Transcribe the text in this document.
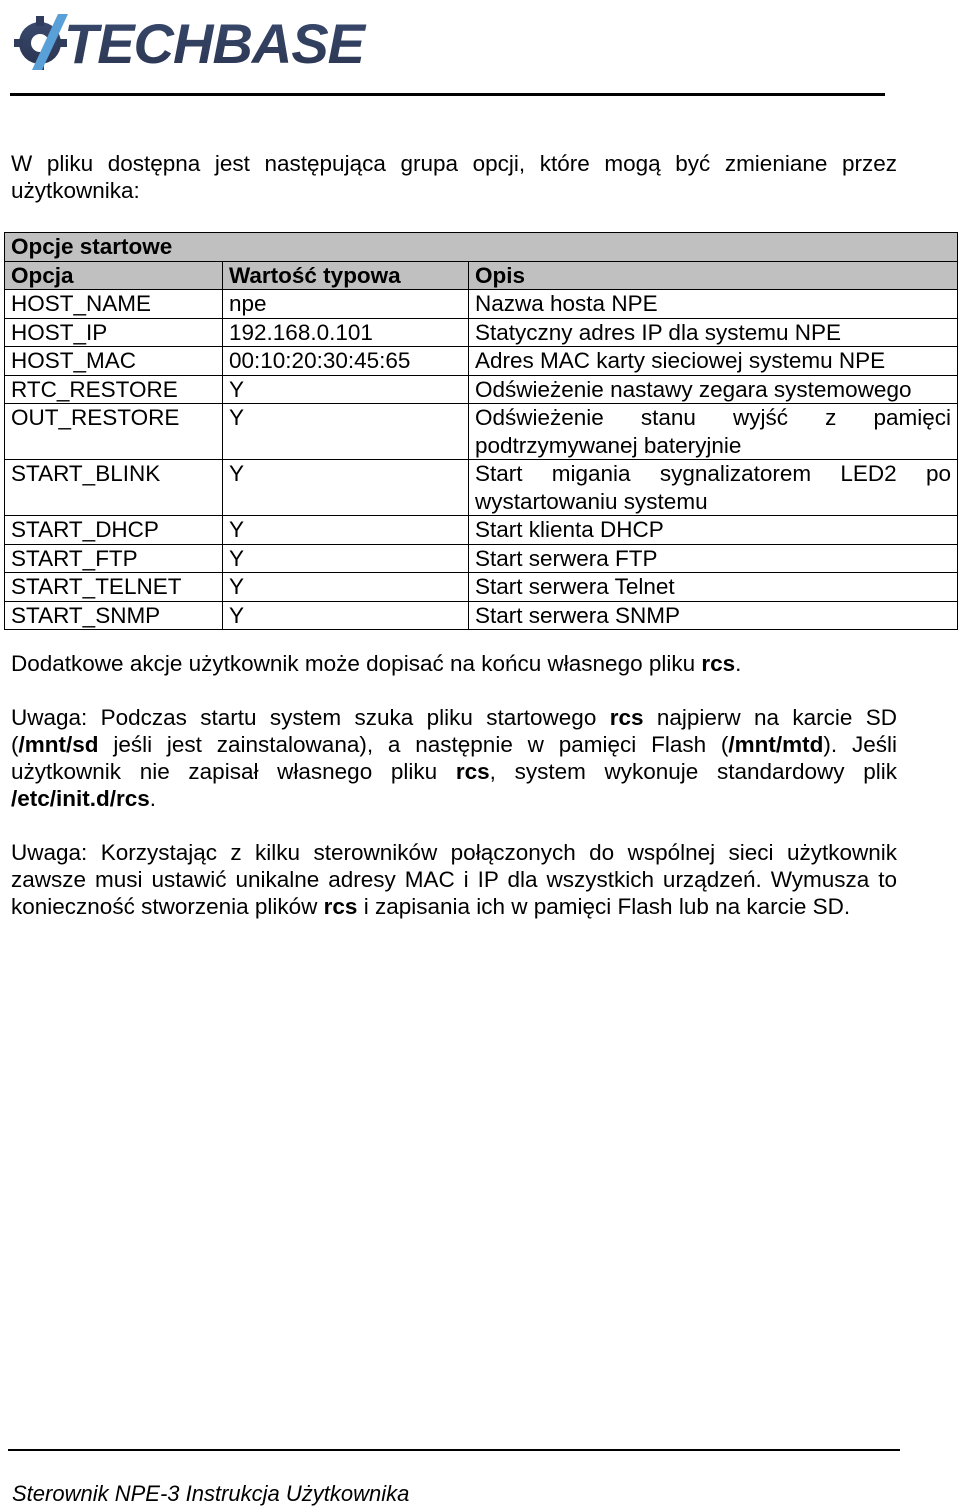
TECHBASE
W pliku dostępna jest następująca grupa opcji, które mogą być zmieniane przez użytkownika:
Opcje startowe		
Opcja	Wartość typowa	Opis
HOST_NAME	npe	Nazwa hosta NPE
HOST_IP	192.168.0.101	Statyczny adres IP dla systemu NPE
HOST_MAC	00:10:20:30:45:65	Adres MAC karty sieciowej systemu NPE
RTC_RESTORE	Y	Odświeżenie nastawy zegara systemowego
OUT_RESTORE	Y	Odświeżenie stanu wyjść z pamięci podtrzymywanej bateryjnie
START_BLINK	Y	Start migania sygnalizatorem LED2 po wystartowaniu systemu
START_DHCP	Y	Start klienta DHCP
START_FTP	Y	Start serwera FTP
START_TELNET	Y	Start serwera Telnet
START_SNMP	Y	Start serwera SNMP
Dodatkowe akcje użytkownik może dopisać na końcu własnego pliku rcs.
Uwaga: Podczas startu system szuka pliku startowego rcs najpierw na karcie SD (/mnt/sd jeśli jest zainstalowana), a następnie w pamięci Flash (/mnt/mtd). Jeśli użytkownik nie zapisał własnego pliku rcs, system wykonuje standardowy plik /etc/init.d/rcs.
Uwaga: Korzystając z kilku sterowników połączonych do wspólnej sieci użytkownik zawsze musi ustawić unikalne adresy MAC i IP dla wszystkich urządzeń. Wymusza to konieczność stworzenia plików rcs i zapisania ich w pamięci Flash lub na karcie SD.
Sterownik NPE-3 Instrukcja Użytkownika
